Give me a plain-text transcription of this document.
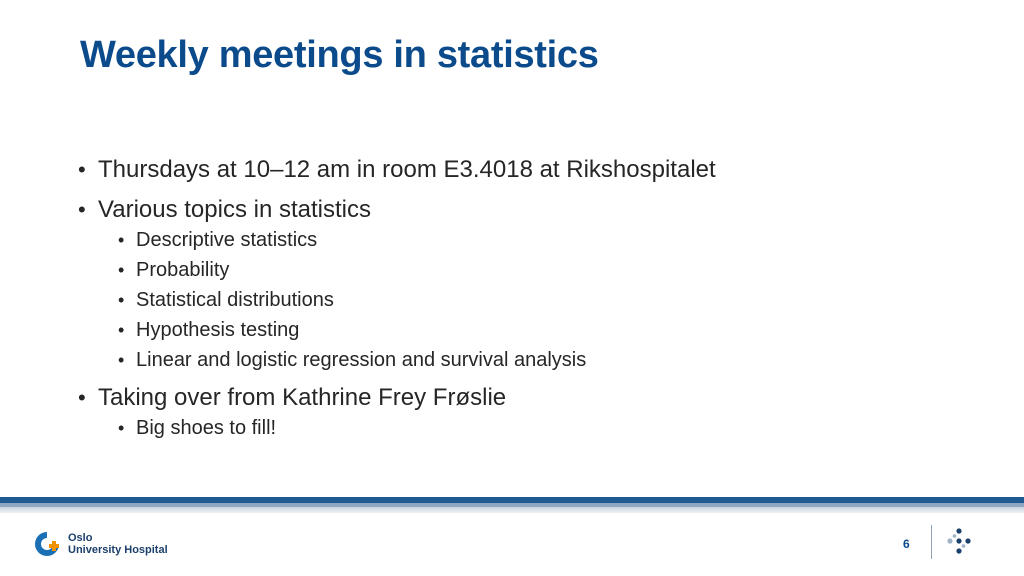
Weekly meetings in statistics
• Thursdays at 10–12 am in room E3.4018 at Rikshospitalet
• Various topics in statistics
• Descriptive statistics
• Probability
• Statistical distributions
• Hypothesis testing
• Linear and logistic regression and survival analysis
• Taking over from Kathrine Frey Frøslie
• Big shoes to fill!
Oslo
University Hospital	6
